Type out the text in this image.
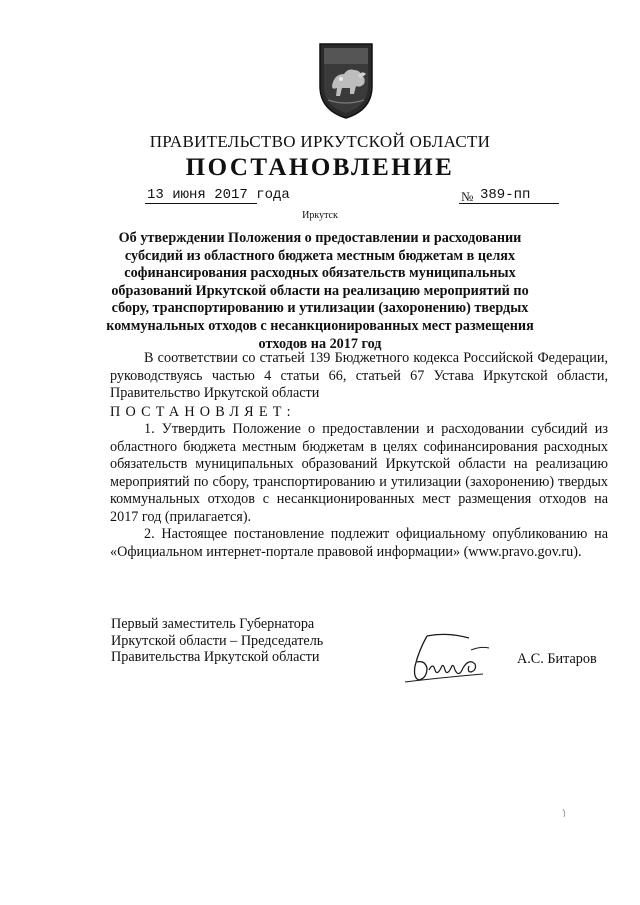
ПРАВИТЕЛЬСТВО ИРКУТСКОЙ ОБЛАСТИ
ПОСТАНОВЛЕНИЕ
13 июня 2017 года	№ 389-пп
Иркутск
Об утверждении Положения о предоставлении и расходовании субсидий из областного бюджета местным бюджетам в целях софинансирования расходных обязательств муниципальных образований Иркутской области на реализацию мероприятий по сбору, транспортированию и утилизации (захоронению) твердых коммунальных отходов с несанкционированных мест размещения отходов на 2017 год

В соответствии со статьей 139 Бюджетного кодекса Российской Федерации, руководствуясь частью 4 статьи 66, статьей 67 Устава Иркутской области, Правительство Иркутской области

ПОСТАНОВЛЯЕТ:

1. Утвердить Положение о предоставлении и расходовании субсидий из областного бюджета местным бюджетам в целях софинансирования расходных обязательств муниципальных образований Иркутской области на реализацию мероприятий по сбору, транспортированию и утилизации (захоронению) твердых коммунальных отходов с несанкционированных мест размещения отходов на 2017 год (прилагается).

2. Настоящее постановление подлежит официальному опубликованию на «Официальном интернет-портале правовой информации» (www.pravo.gov.ru).

Первый заместитель Губернатора
Иркутской области – Председатель
Правительства Иркутской области	А.С. Битаров
